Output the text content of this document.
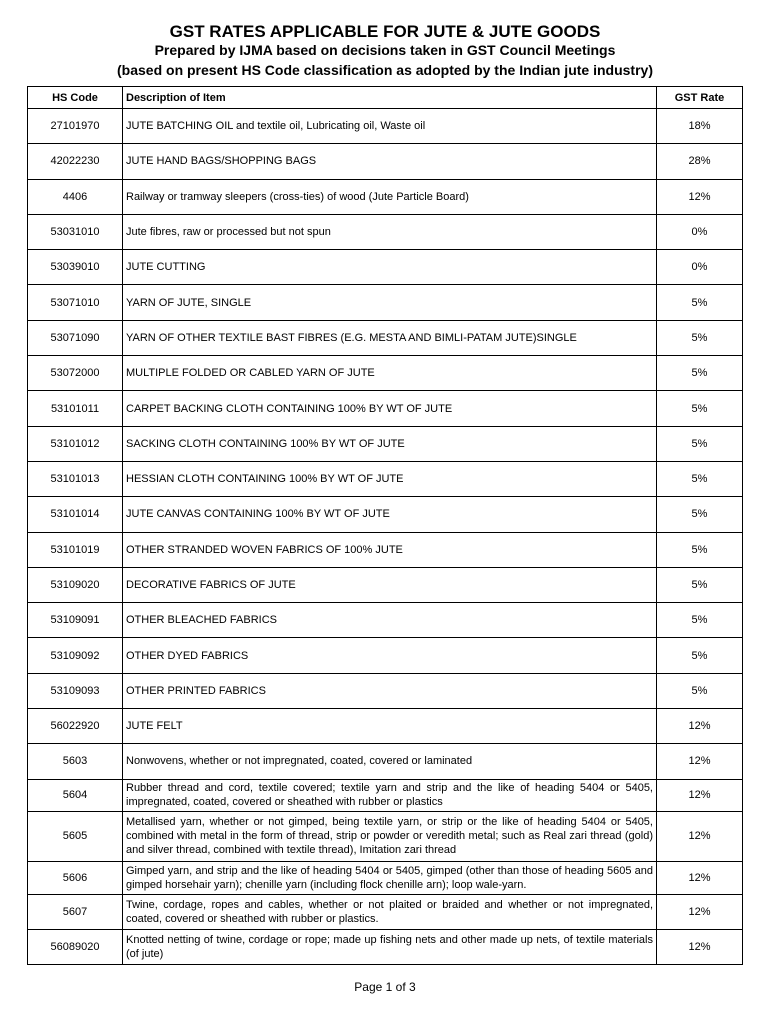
GST RATES APPLICABLE FOR JUTE & JUTE GOODS
Prepared by IJMA based on decisions taken in GST Council Meetings
(based on present HS Code classification as adopted by the Indian jute industry)
HS Code	Description of Item	GST Rate
27101970	JUTE BATCHING OIL and textile oil, Lubricating oil, Waste oil	18%
42022230	JUTE HAND BAGS/SHOPPING BAGS	28%
4406	Railway or tramway sleepers (cross-ties) of wood (Jute Particle Board)	12%
53031010	Jute fibres, raw or processed but not spun	0%
53039010	JUTE CUTTING	0%
53071010	YARN OF JUTE, SINGLE	5%
53071090	YARN OF OTHER TEXTILE BAST FIBRES (E.G. MESTA AND BIMLI-PATAM JUTE)SINGLE	5%
53072000	MULTIPLE FOLDED OR CABLED YARN OF JUTE	5%
53101011	CARPET BACKING CLOTH CONTAINING 100% BY WT OF JUTE	5%
53101012	SACKING CLOTH CONTAINING 100% BY WT OF JUTE	5%
53101013	HESSIAN CLOTH CONTAINING 100% BY WT OF JUTE	5%
53101014	JUTE CANVAS CONTAINING 100% BY WT OF JUTE	5%
53101019	OTHER STRANDED WOVEN FABRICS OF 100% JUTE	5%
53109020	DECORATIVE FABRICS OF JUTE	5%
53109091	OTHER BLEACHED FABRICS	5%
53109092	OTHER DYED FABRICS	5%
53109093	OTHER PRINTED FABRICS	5%
56022920	JUTE FELT	12%
5603	Nonwovens, whether or not impregnated, coated, covered or laminated	12%
5604	Rubber thread and cord, textile covered; textile yarn and strip and the like of heading 5404 or 5405, impregnated, coated, covered or sheathed with rubber or plastics	12%
5605	Metallised yarn, whether or not gimped, being textile yarn, or strip or the like of heading 5404 or 5405, combined with metal in the form of thread, strip or powder or veredith metal; such as Real zari thread (gold) and silver thread, combined with textile thread), Imitation zari thread	12%
5606	Gimped yarn, and strip and the like of heading 5404 or 5405, gimped (other than those of heading 5605 and gimped horsehair yarn); chenille yarn (including flock chenille arn); loop wale-yarn.	12%
5607	Twine, cordage, ropes and cables, whether or not plaited or braided and whether or not impregnated, coated, covered or sheathed with rubber or plastics.	12%
56089020	Knotted netting of twine, cordage or rope; made up fishing nets and other made up nets, of textile materials (of jute)	12%
Page 1 of 3
